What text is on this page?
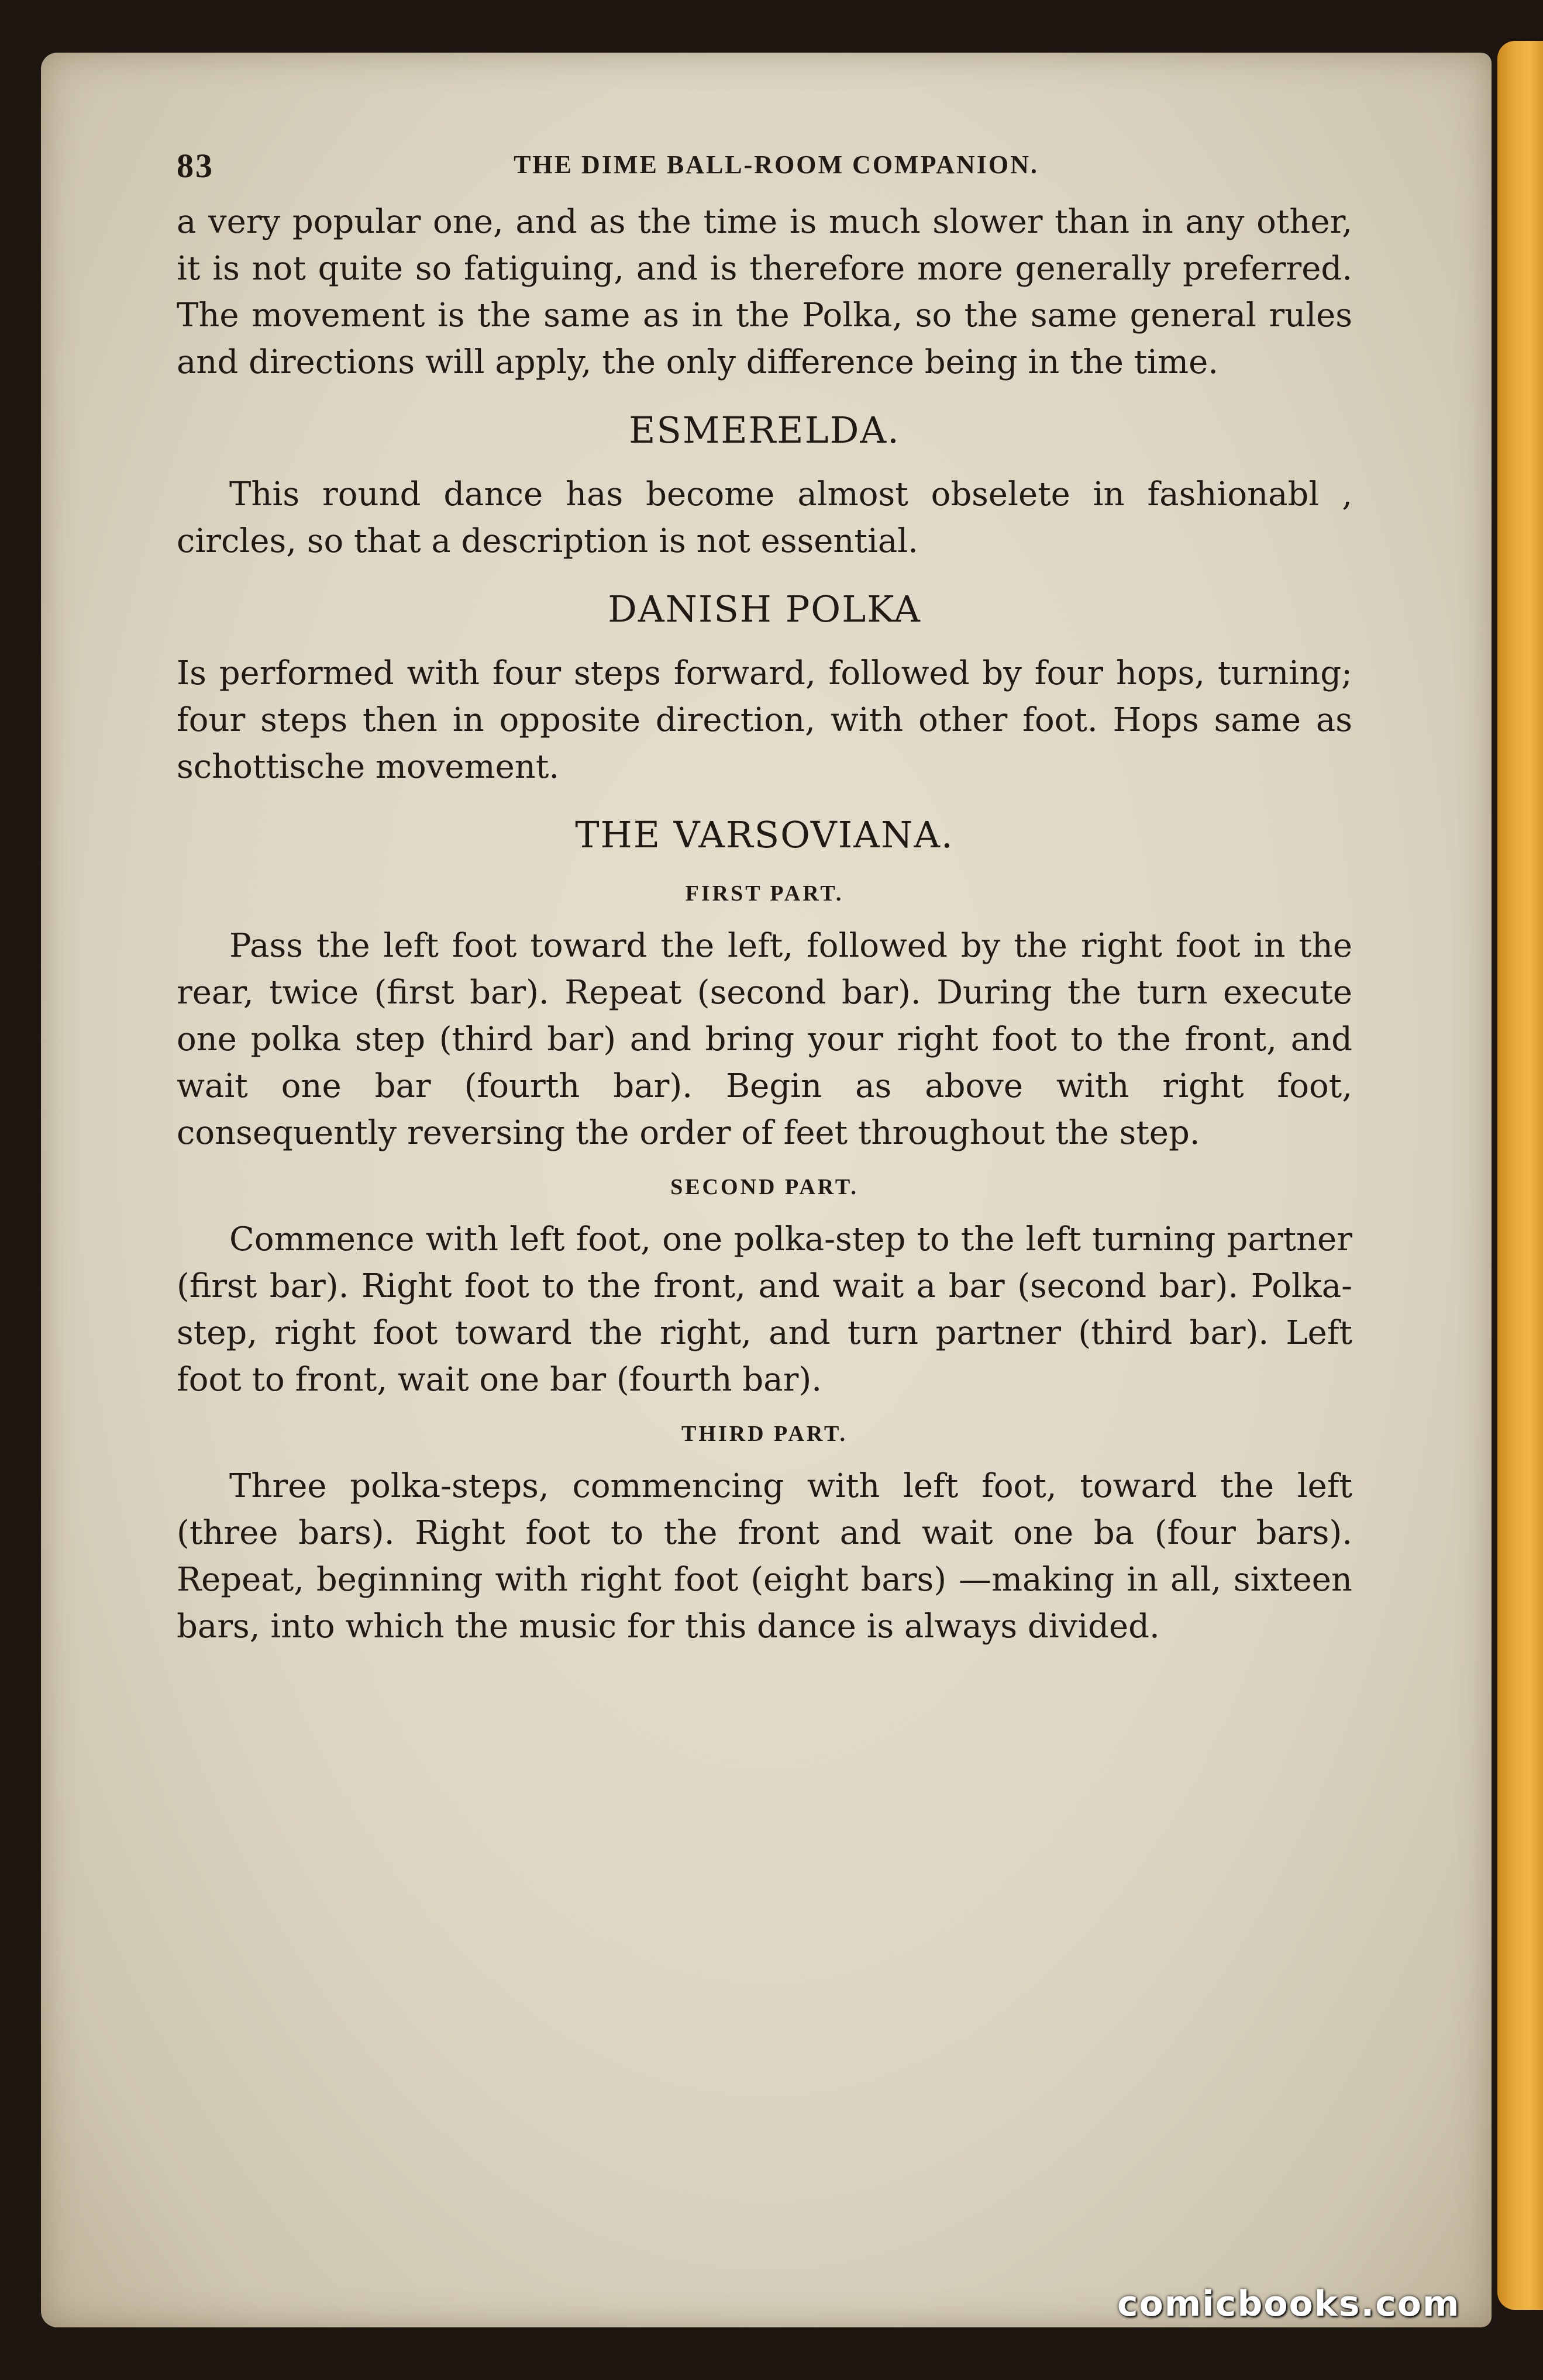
83	THE DIME BALL-ROOM COMPANION.

a very popular one, and as the time is much slower than in any other, it is not quite so fatiguing, and is therefore more generally preferred. The movement is the same as in the Polka, so the same general rules and directions will apply, the only difference being in the time.

ESMERELDA.

This round dance has become almost obselete in fashionabl , circles, so that a description is not essential.

DANISH POLKA

Is performed with four steps forward, followed by four hops, turning; four steps then in opposite direction, with other foot. Hops same as schottische movement.

THE VARSOVIANA.
FIRST PART.

Pass the left foot toward the left, followed by the right foot in the rear, twice (first bar). Repeat (second bar). During the turn execute one polka step (third bar) and bring your right foot to the front, and wait one bar (fourth bar). Begin as above with right foot, consequently reversing the order of feet throughout the step.

SECOND PART.

Commence with left foot, one polka-step to the left turning partner (first bar). Right foot to the front, and wait a bar (second bar). Polka-step, right foot toward the right, and turn partner (third bar). Left foot to front, wait one bar (fourth bar).

THIRD PART.

Three polka-steps, commencing with left foot, toward the left (three bars). Right foot to the front and wait one ba (four bars). Repeat, beginning with right foot (eight bars) —making in all, sixteen bars, into which the music for this dance is always divided.

comicbooks.com
